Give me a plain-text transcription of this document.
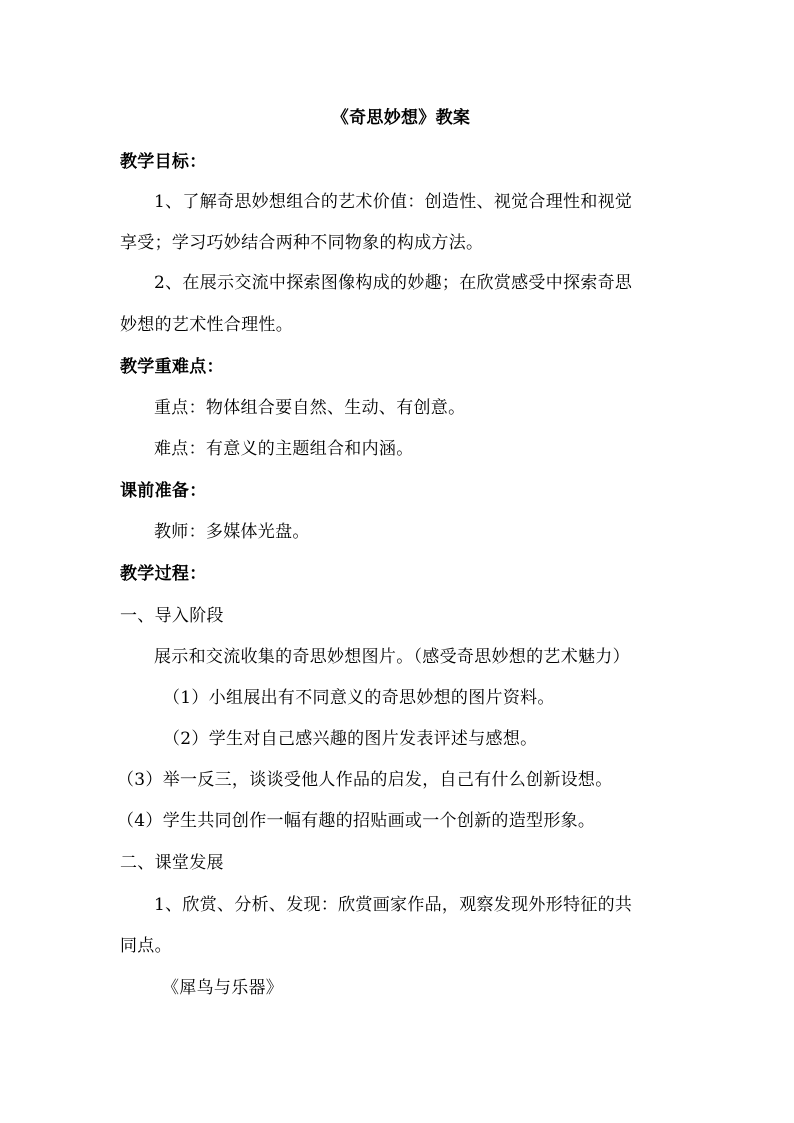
《奇思妙想》教案
教学目标：
1、了解奇思妙想组合的艺术价值：创造性、视觉合理性和视觉
享受；学习巧妙结合两种不同物象的构成方法。
2、在展示交流中探索图像构成的妙趣；在欣赏感受中探索奇思
妙想的艺术性合理性。
教学重难点：
重点：物体组合要自然、生动、有创意。
难点：有意义的主题组合和内涵。
课前准备：
教师：多媒体光盘。
教学过程：
一、导入阶段
展示和交流收集的奇思妙想图片。（感受奇思妙想的艺术魅力）
（1）小组展出有不同意义的奇思妙想的图片资料。
（2）学生对自己感兴趣的图片发表评述与感想。
（3）举一反三，谈谈受他人作品的启发，自己有什么创新设想。
（4）学生共同创作一幅有趣的招贴画或一个创新的造型形象。
二、课堂发展
1、欣赏、分析、发现：欣赏画家作品，观察发现外形特征的共
同点。
《犀鸟与乐器》
